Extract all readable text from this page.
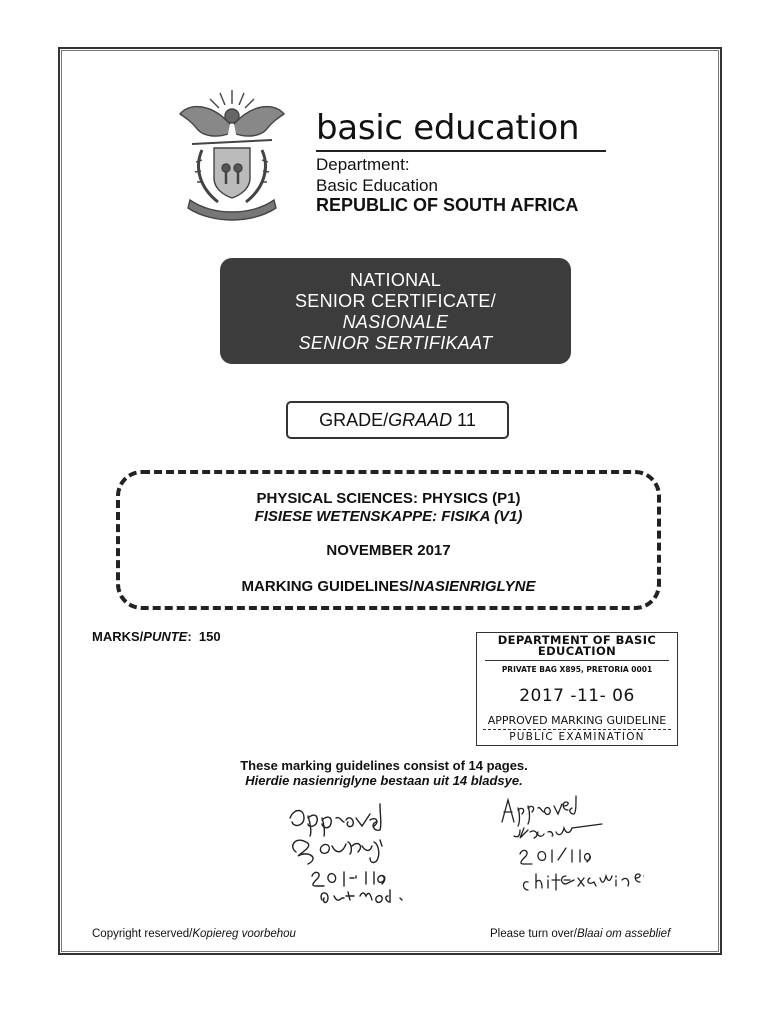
basic education
Department:
Basic Education
REPUBLIC OF SOUTH AFRICA
NATIONAL
SENIOR CERTIFICATE/
NASIONALE
SENIOR SERTIFIKAAT
GRADE/GRAAD 11
PHYSICAL SCIENCES: PHYSICS (P1)
FISIESE WETENSKAPPE: FISIKA (V1)
NOVEMBER 2017
MARKING GUIDELINES/NASIENRIGLYNE
MARKS/PUNTE:  150	DEPARTMENT OF BASIC
EDUCATION
PRIVATE BAG X895, PRETORIA 0001
2017 -11- 06
APPROVED MARKING GUIDELINE
PUBLIC EXAMINATION
These marking guidelines consist of 14 pages.
Hierdie nasienriglyne bestaan uit 14 bladsye.
Copyright reserved/Kopiereg voorbehou	Please turn over/Blaai om asseblief
